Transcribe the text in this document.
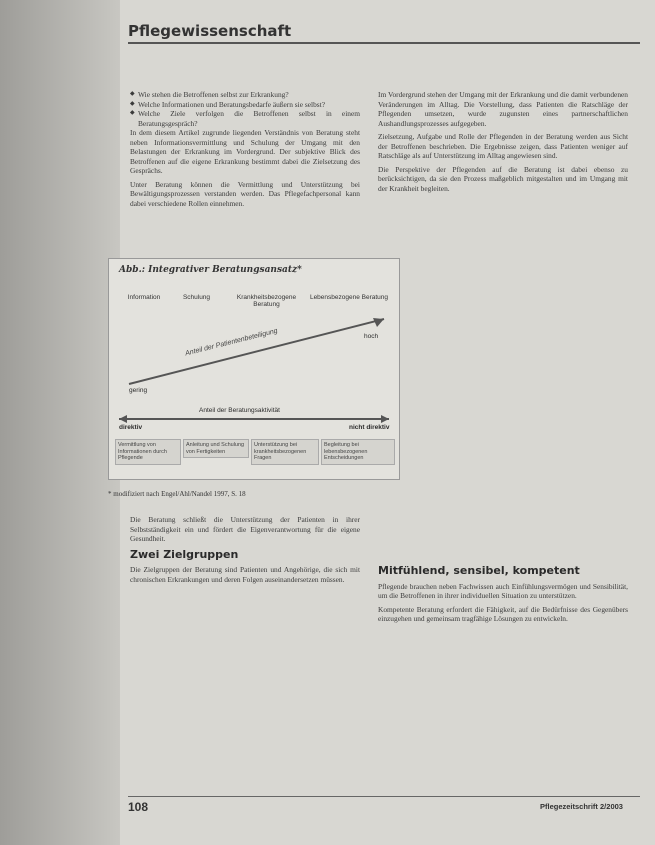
Pflegewissenschaft
◆ Wie stehen die Betroffenen selbst zur Erkrankung?
◆ Welche Informationen und Beratungsbedarfe äußern sie selbst?
◆ Welche Ziele verfolgen die Betroffenen selbst in einem Beratungsgespräch?

In dem diesem Artikel zugrunde liegenden Verständnis von Beratung steht neben Informationsvermittlung und Schulung der Umgang mit den Belastungen der Erkrankung im Vordergrund. Der subjektive Blick des Betroffenen auf die eigene Erkrankung bestimmt dabei die Zielsetzung des Gesprächs.

Unter Beratung können die Vermittlung und Unterstützung bei Bewältigungsprozessen verstanden werden. Das Pflegefachpersonal kann dabei verschiedene Rollen einnehmen.

Im Vordergrund stehen der Umgang mit der Erkrankung und die damit verbundenen Veränderungen im Alltag. Die Vorstellung, dass Patienten die Ratschläge der Pflegenden umsetzen, wurde zugunsten eines partnerschaftlichen Aushandlungsprozesses aufgegeben.

Zielsetzung, Aufgabe und Rolle der Pflegenden in der Beratung werden aus Sicht der Betroffenen beschrieben. Die Ergebnisse zeigen, dass Patienten weniger auf Ratschläge als auf Unterstützung im Alltag angewiesen sind.

Die Perspektive der Pflegenden auf die Beratung ist dabei ebenso zu berücksichtigen, da sie den Prozess maßgeblich mitgestalten und im Umgang mit der Krankheit begleiten.

Abb.: Integrativer Beratungsansatz*
Information	Schulung	Krankheitsbezogene Beratung
Lebensbezogene Beratung
Anteil der Patientenbeteiligung
gering
hoch
Anteil der Beratungsaktivität
direktiv	nicht direktiv
Vermittlung von Informationen durch Pflegende
Anleitung und Schulung von Fertigkeiten
Unterstützung bei krankheitsbezogenen Fragen
Begleitung bei lebensbezogenen Entscheidungen
* modifiziert nach Engel/Ahl/Nandel 1997, S. 18

Die Beratung schließt die Unterstützung der Patienten in ihrer Selbstständigkeit ein und fördert die Eigenverantwortung für die eigene Gesundheit.

Zwei Zielgruppen

Die Zielgruppen der Beratung sind Patienten und Angehörige, die sich mit chronischen Erkrankungen und deren Folgen auseinandersetzen müssen.

Mitfühlend, sensibel, kompetent

Pflegende brauchen neben Fachwissen auch Einfühlungsvermögen und Sensibilität, um die Betroffenen in ihrer individuellen Situation zu unterstützen.

Kompetente Beratung erfordert die Fähigkeit, auf die Bedürfnisse des Gegenübers einzugehen und gemeinsam tragfähige Lösungen zu entwickeln.

108	Pflegezeitschrift 2/2003
